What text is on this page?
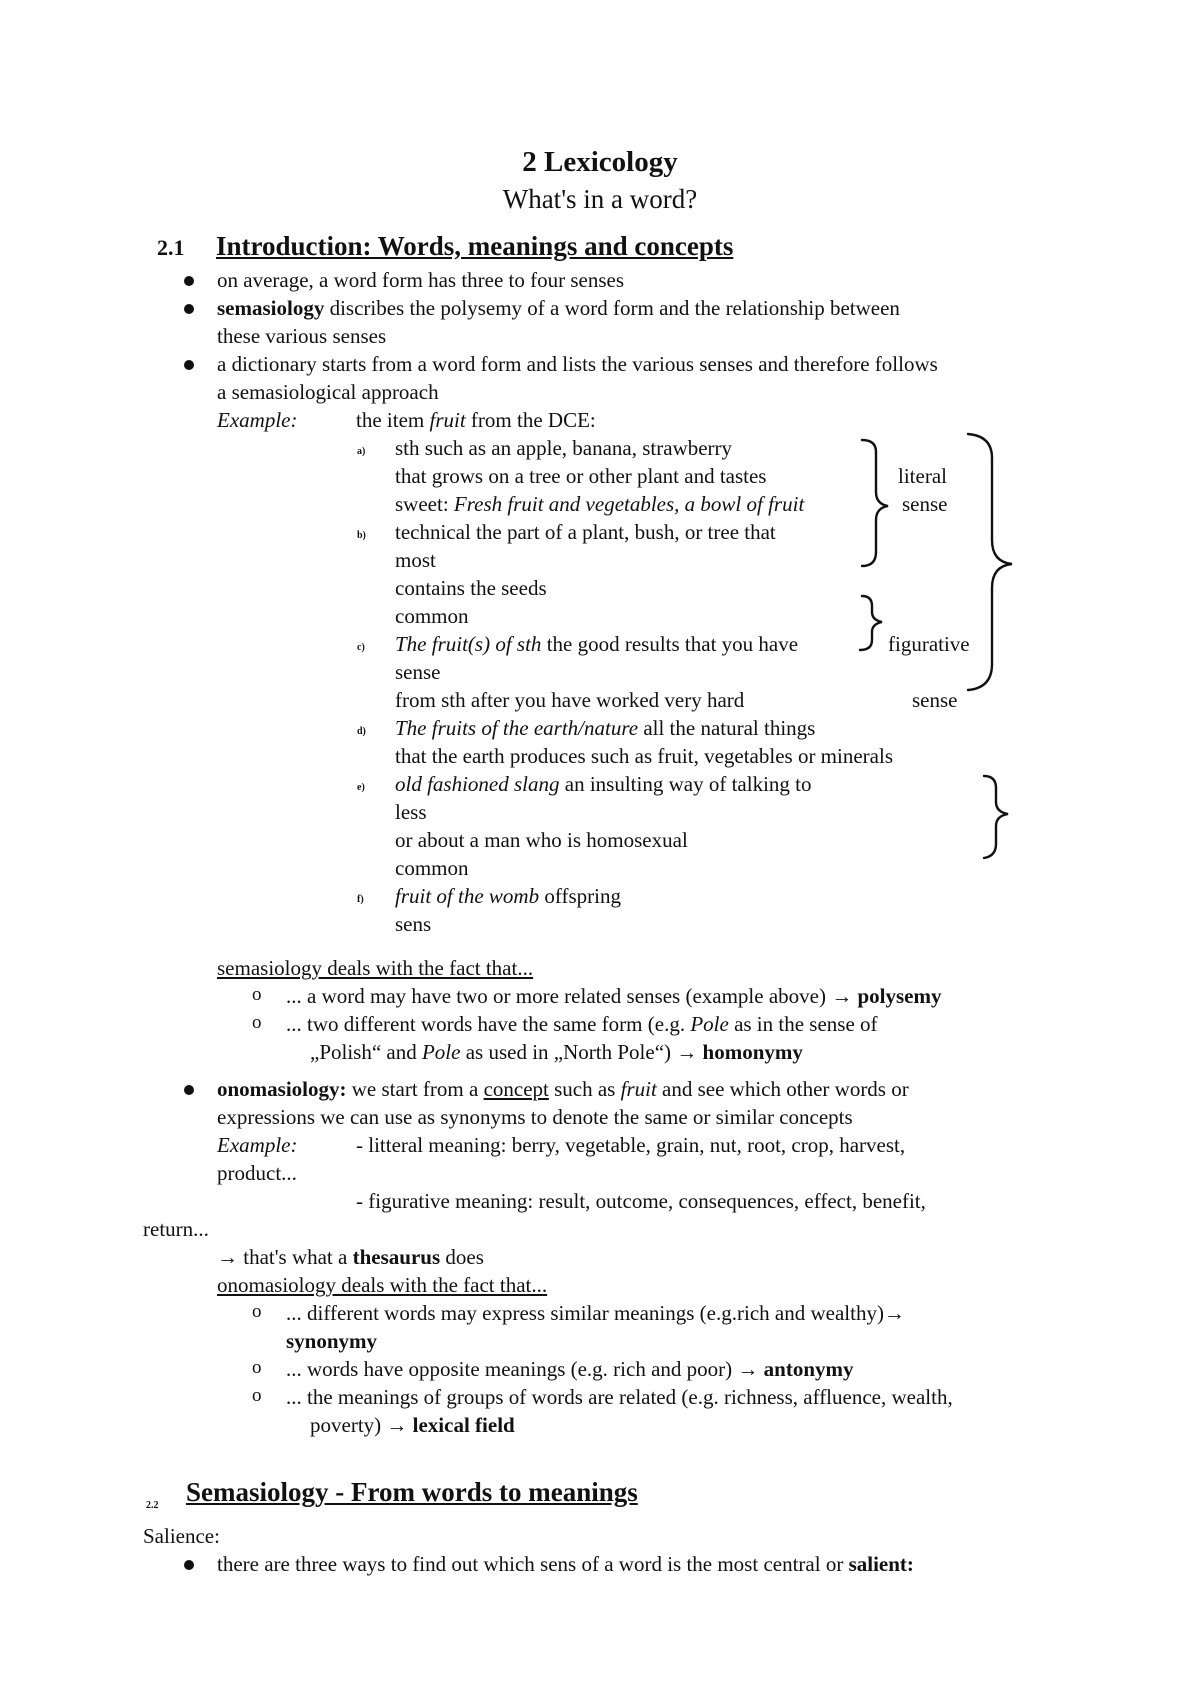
2 Lexicology
What's in a word?
2.1 Introduction: Words, meanings and concepts
on average, a word form has three to four senses
semasiology discribes the polysemy of a word form and the relationship between
these various senses
a dictionary starts from a word form and lists the various senses and therefore follows
a semasiological approach
Example:	the item fruit from the DCE:
a) sth such as an apple, banana, strawberry
that grows on a tree or other plant and tastes
sweet: Fresh fruit and vegetables, a bowl of fruit
b) technical the part of a plant, bush, or tree that
most
contains the seeds
common
c) The fruit(s) of sth the good results that you have
sense
from sth after you have worked very hard
d) The fruits of the earth/nature all the natural things
that the earth produces such as fruit, vegetables or minerals
e) old fashioned slang an insulting way of talking to
less
or about a man who is homosexual
common
f) fruit of the womb offspring
sens
literal
sense
figurative
sense
semasiology deals with the fact that...
o ... a word may have two or more related senses (example above) → polysemy
o ... two different words have the same form (e.g. Pole as in the sense of
„Polish“ and Pole as used in „North Pole“) → homonymy
onomasiology: we start from a concept such as fruit and see which other words or
expressions we can use as synonyms to denote the same or similar concepts
Example:	- litteral meaning: berry, vegetable, grain, nut, root, crop, harvest,
product...
- figurative meaning: result, outcome, consequences, effect, benefit,
return...
→ that's what a thesaurus does
onomasiology deals with the fact that...
o ... different words may express similar meanings (e.g.rich and wealthy)→
synonymy
o ... words have opposite meanings (e.g. rich and poor) → antonymy
o ... the meanings of groups of words are related (e.g. richness, affluence, wealth,
poverty) → lexical field
2.2 Semasiology - From words to meanings
Salience:
there are three ways to find out which sens of a word is the most central or salient:
